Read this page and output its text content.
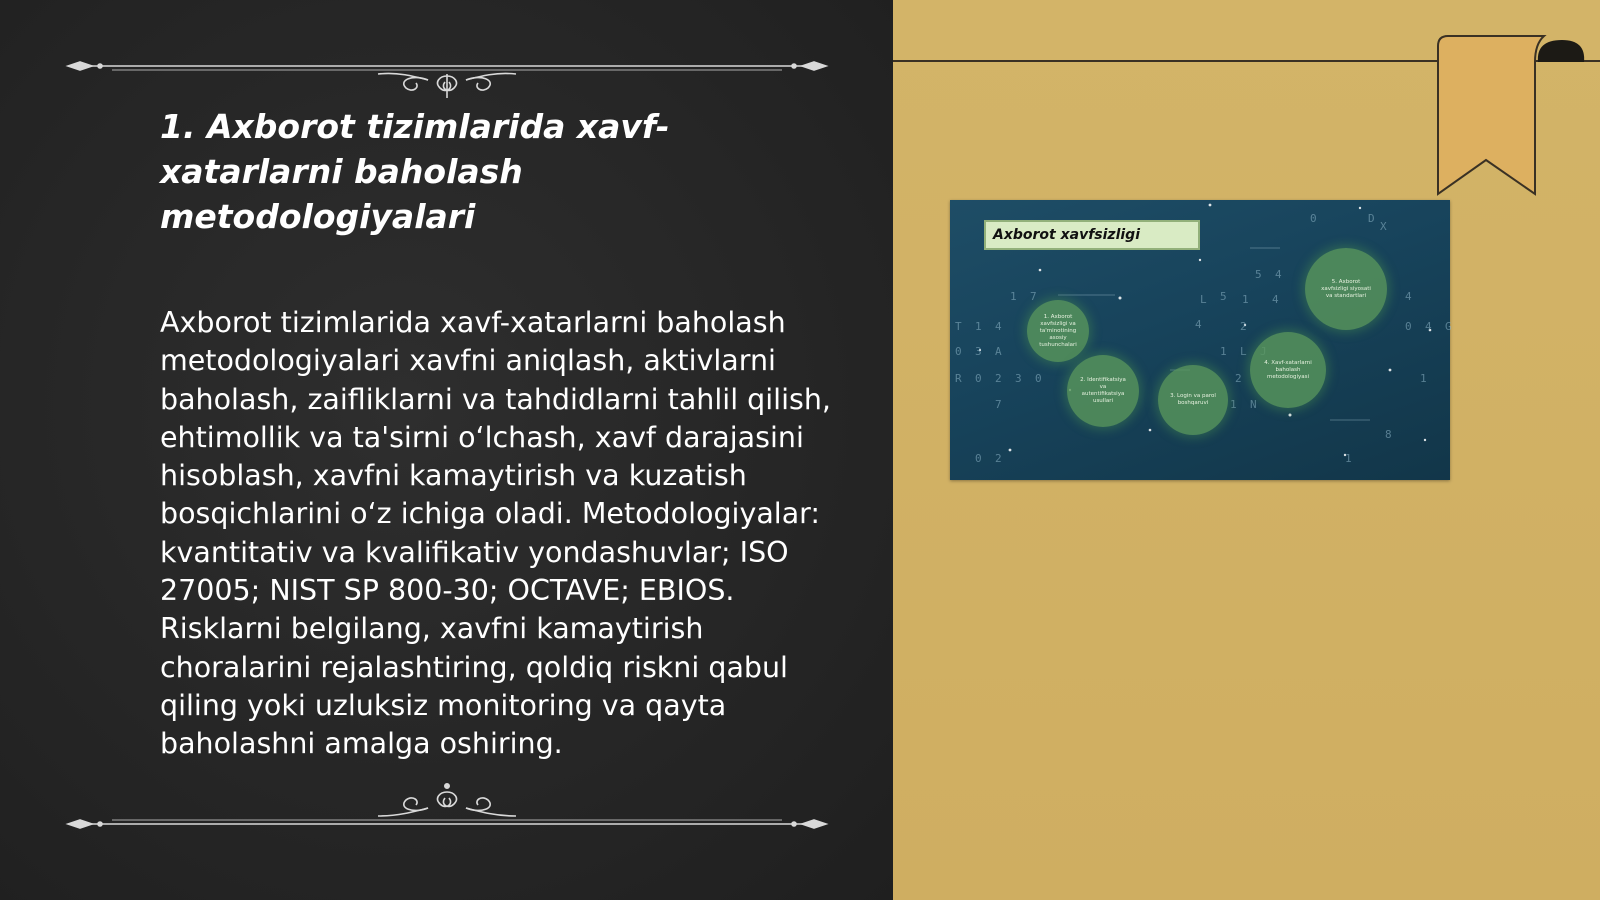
1. Axborot tizimlarida xavf-xatarlarni baholash metodologiyalari

Axborot tizimlarida xavf-xatarlarni baholash metodologiyalari xavfni aniqlash, aktivlarni baholash, zaifliklarni va tahdidlarni tahlil qilish, ehtimollik va ta'sirni o‘lchash, xavf darajasini hisoblash, xavfni kamaytirish va kuzatish bosqichlarini o‘z ichiga oladi. Metodologiyalar: kvantitativ va kvalifikativ yondashuvlar; ISO 27005; NIST SP 800-30; OCTAVE; EBIOS. Risklarni belgilang, xavfni kamaytirish choralarini rejalashtiring, qoldiq riskni qabul qiling yoki uzluksiz monitoring va qayta baholashni amalga oshiring.

0	D
5 4
L 5 1 4
0 4 G
2
T 1 4
0 3 A	1 L
R 0 2 3 0
N
1
7
1
8
X
4
2
1 7
2
0	1
4
Axborot xavfsizligi
5. Axborot xavfsizligi siyosati va standartlari
1. Axborot xavfsizligi va ta'minotining asosiy tushunchalari
4. Xavf-xatarlarni baholash metodologiyasi
2. Identifikatsiya va autentifikatsiya usullari
3. Login va parol boshqaruvi
